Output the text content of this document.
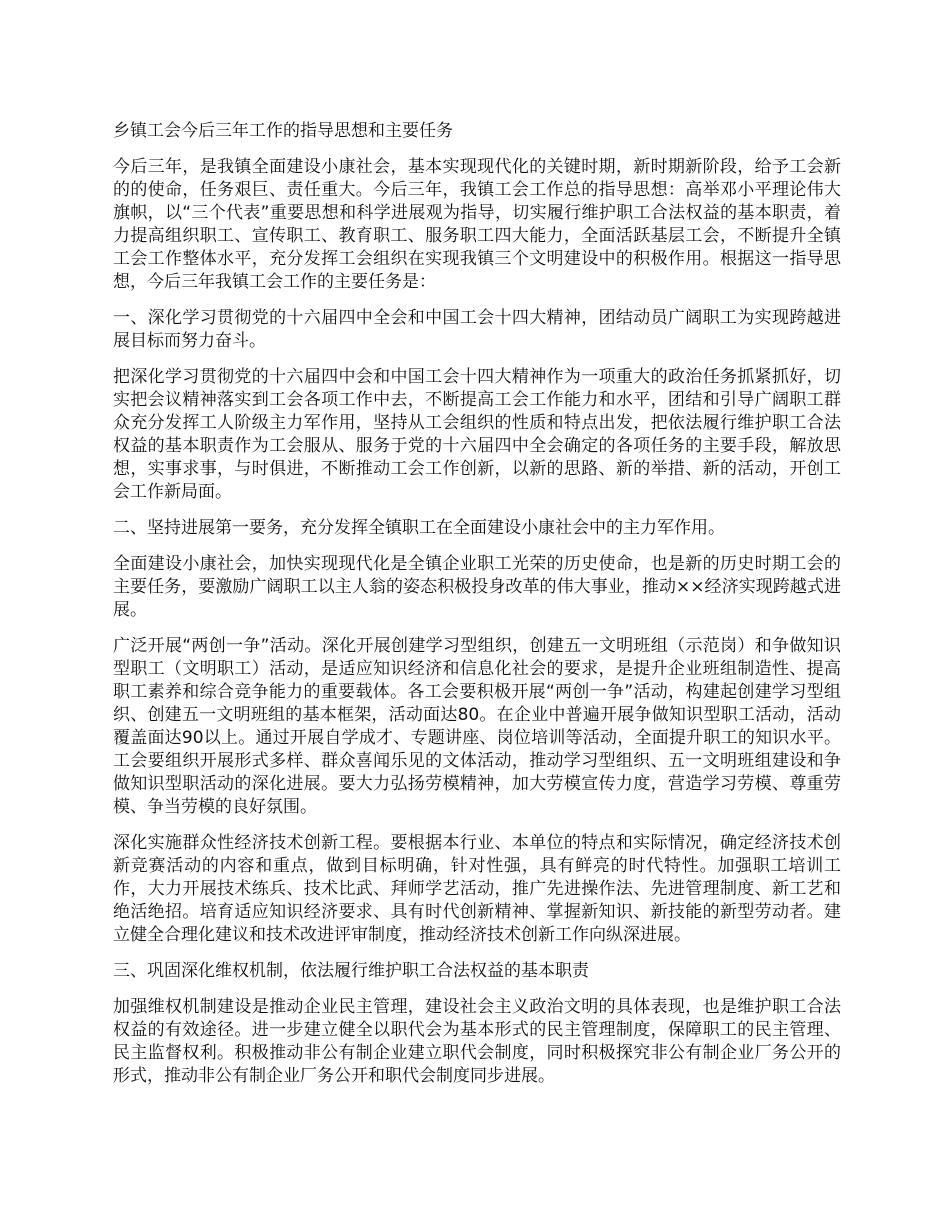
乡镇工会今后三年工作的指导思想和主要任务

今后三年，是我镇全面建设小康社会，基本实现现代化的关键时期，新时期新阶段，给予工会新的的使命，任务艰巨、责任重大。今后三年，我镇工会工作总的指导思想：高举邓小平理论伟大旗帜，以“三个代表”重要思想和科学进展观为指导，切实履行维护职工合法权益的基本职责，着力提高组织职工、宣传职工、教育职工、服务职工四大能力，全面活跃基层工会，不断提升全镇工会工作整体水平，充分发挥工会组织在实现我镇三个文明建设中的积极作用。根据这一指导思想，今后三年我镇工会工作的主要任务是：

一、深化学习贯彻党的十六届四中全会和中国工会十四大精神，团结动员广阔职工为实现跨越进展目标而努力奋斗。

把深化学习贯彻党的十六届四中会和中国工会十四大精神作为一项重大的政治任务抓紧抓好，切实把会议精神落实到工会各项工作中去，不断提高工会工作能力和水平，团结和引导广阔职工群众充分发挥工人阶级主力军作用，坚持从工会组织的性质和特点出发，把依法履行维护职工合法权益的基本职责作为工会服从、服务于党的十六届四中全会确定的各项任务的主要手段，解放思想，实事求事，与时俱进，不断推动工会工作创新，以新的思路、新的举措、新的活动，开创工会工作新局面。

二、坚持进展第一要务，充分发挥全镇职工在全面建设小康社会中的主力军作用。

全面建设小康社会，加快实现现代化是全镇企业职工光荣的历史使命，也是新的历史时期工会的主要任务，要激励广阔职工以主人翁的姿态积极投身改革的伟大事业，推动××经济实现跨越式进展。

广泛开展“两创一争”活动。深化开展创建学习型组织，创建五一文明班组（示范岗）和争做知识型职工（文明职工）活动，是适应知识经济和信息化社会的要求，是提升企业班组制造性、提高职工素养和综合竞争能力的重要载体。各工会要积极开展“两创一争”活动，构建起创建学习型组织、创建五一文明班组的基本框架，活动面达80。在企业中普遍开展争做知识型职工活动，活动覆盖面达90以上。通过开展自学成才、专题讲座、岗位培训等活动，全面提升职工的知识水平。工会要组织开展形式多样、群众喜闻乐见的文体活动，推动学习型组织、五一文明班组建设和争做知识型职活动的深化进展。要大力弘扬劳模精神，加大劳模宣传力度，营造学习劳模、尊重劳模、争当劳模的良好氛围。

深化实施群众性经济技术创新工程。要根据本行业、本单位的特点和实际情况，确定经济技术创新竞赛活动的内容和重点，做到目标明确，针对性强，具有鲜亮的时代特性。加强职工培训工作，大力开展技术练兵、技术比武、拜师学艺活动，推广先进操作法、先进管理制度、新工艺和绝活绝招。培育适应知识经济要求、具有时代创新精神、掌握新知识、新技能的新型劳动者。建立健全合理化建议和技术改进评审制度，推动经济技术创新工作向纵深进展。

三、巩固深化维权机制，依法履行维护职工合法权益的基本职责

加强维权机制建设是推动企业民主管理，建设社会主义政治文明的具体表现，也是维护职工合法权益的有效途径。进一步建立健全以职代会为基本形式的民主管理制度，保障职工的民主管理、民主监督权利。积极推动非公有制企业建立职代会制度，同时积极探究非公有制企业厂务公开的形式，推动非公有制企业厂务公开和职代会制度同步进展。
